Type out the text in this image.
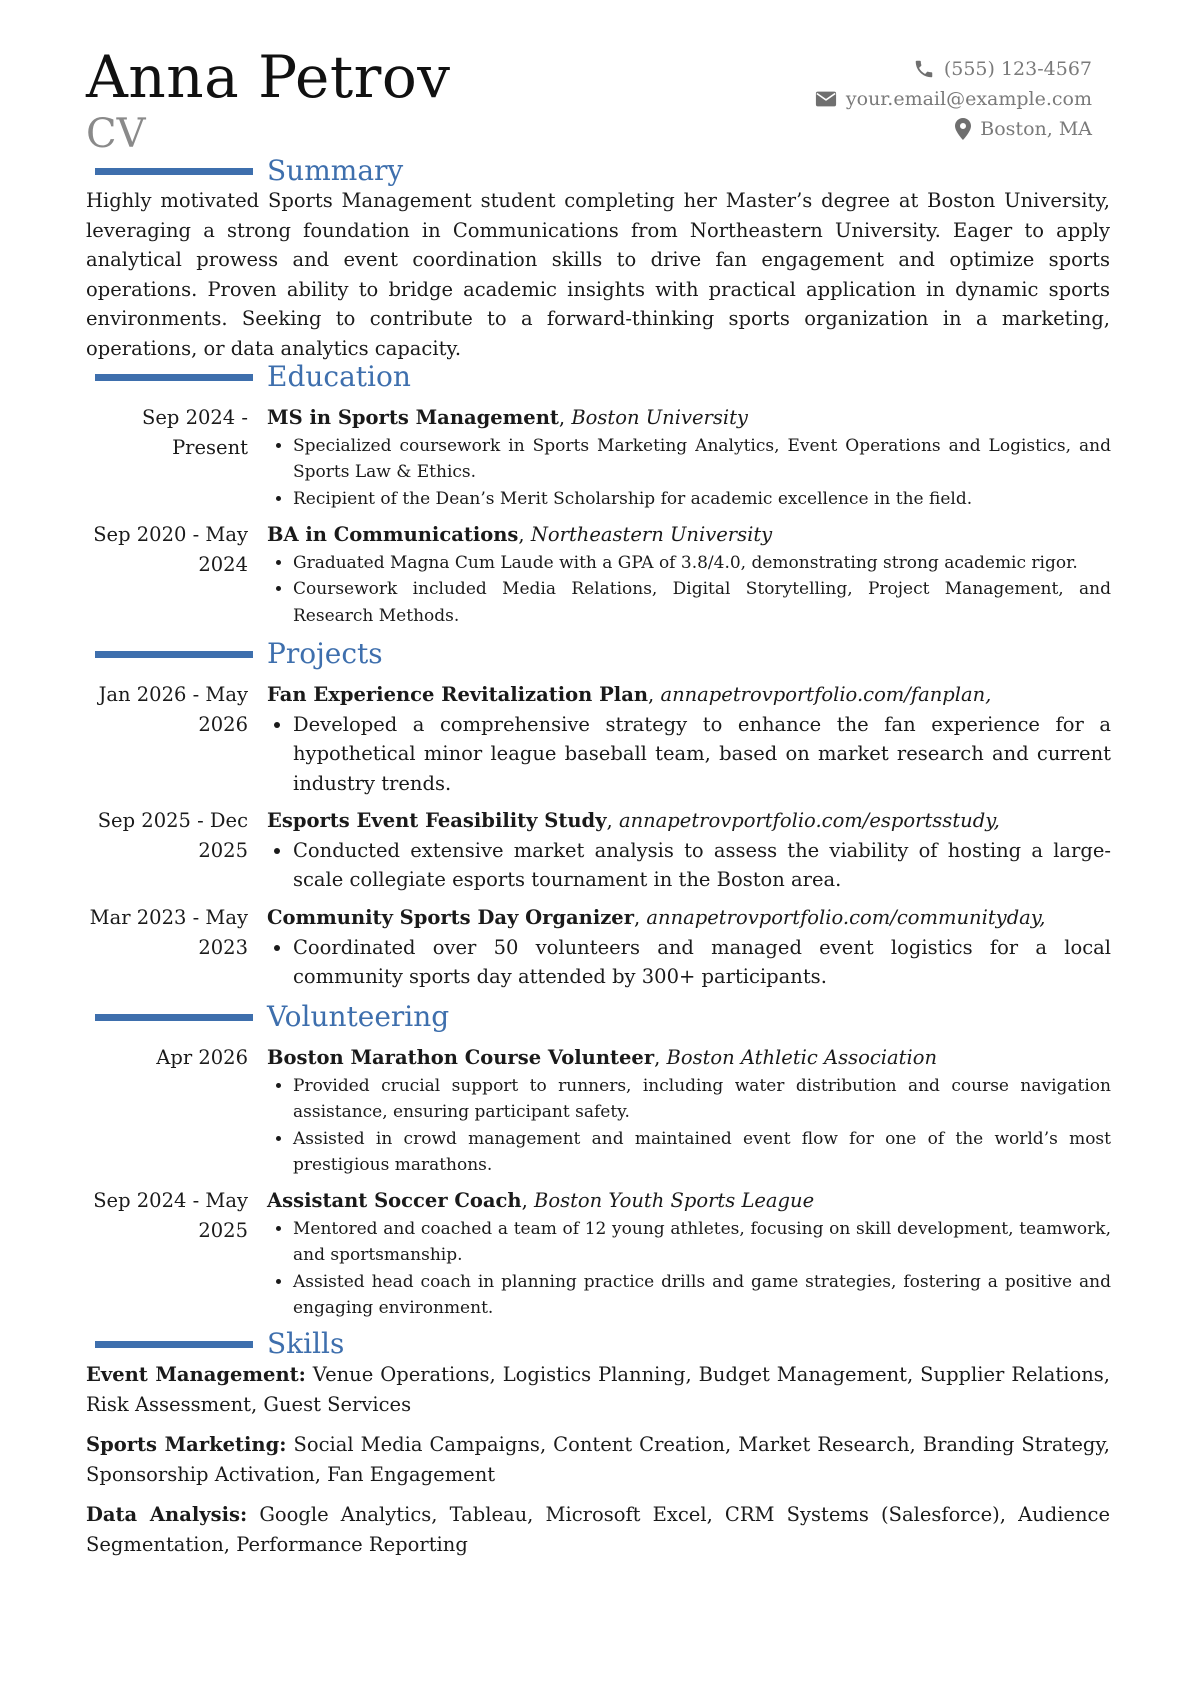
Anna Petrov
CV
(555) 123-4567
your.email@example.com
Boston, MA
Summary
Highly motivated Sports Management student completing her Master’s degree at Boston University, leveraging a strong foundation in Communications from Northeastern University. Eager to apply analytical prowess and event coordination skills to drive fan engagement and optimize sports operations. Proven ability to bridge academic insights with practical application in dynamic sports environments. Seeking to contribute to a forward-thinking sports organization in a marketing, operations, or data analytics capacity.
Education
Sep 2024 - Present
MS in Sports Management, Boston University
• Specialized coursework in Sports Marketing Analytics, Event Operations and Logistics, and Sports Law & Ethics.
• Recipient of the Dean’s Merit Scholarship for academic excellence in the field.
Sep 2020 - May 2024
BA in Communications, Northeastern University
• Graduated Magna Cum Laude with a GPA of 3.8/4.0, demonstrating strong academic rigor.
• Coursework included Media Relations, Digital Storytelling, Project Management, and Research Methods.
Projects
Jan 2026 - May 2026
Fan Experience Revitalization Plan, annapetrovportfolio.com/fanplan,
• Developed a comprehensive strategy to enhance the fan experience for a hypothetical minor league baseball team, based on market research and current industry trends.
Sep 2025 - Dec 2025
Esports Event Feasibility Study, annapetrovportfolio.com/esportsstudy,
• Conducted extensive market analysis to assess the viability of hosting a large-scale collegiate esports tournament in the Boston area.
Mar 2023 - May 2023
Community Sports Day Organizer, annapetrovportfolio.com/communityday,
• Coordinated over 50 volunteers and managed event logistics for a local community sports day attended by 300+ participants.
Volunteering
Apr 2026 Boston Marathon Course Volunteer, Boston Athletic Association
• Provided crucial support to runners, including water distribution and course navigation assistance, ensuring participant safety.
• Assisted in crowd management and maintained event flow for one of the world’s most prestigious marathons.
Sep 2024 - May 2025
Assistant Soccer Coach, Boston Youth Sports League
• Mentored and coached a team of 12 young athletes, focusing on skill development, teamwork, and sportsmanship.
• Assisted head coach in planning practice drills and game strategies, fostering a positive and engaging environment.
Skills
Event Management: Venue Operations, Logistics Planning, Budget Management, Supplier Relations, Risk Assessment, Guest Services
Sports Marketing: Social Media Campaigns, Content Creation, Market Research, Branding Strategy, Sponsorship Activation, Fan Engagement
Data Analysis: Google Analytics, Tableau, Microsoft Excel, CRM Systems (Salesforce), Audience Segmentation, Performance Reporting
